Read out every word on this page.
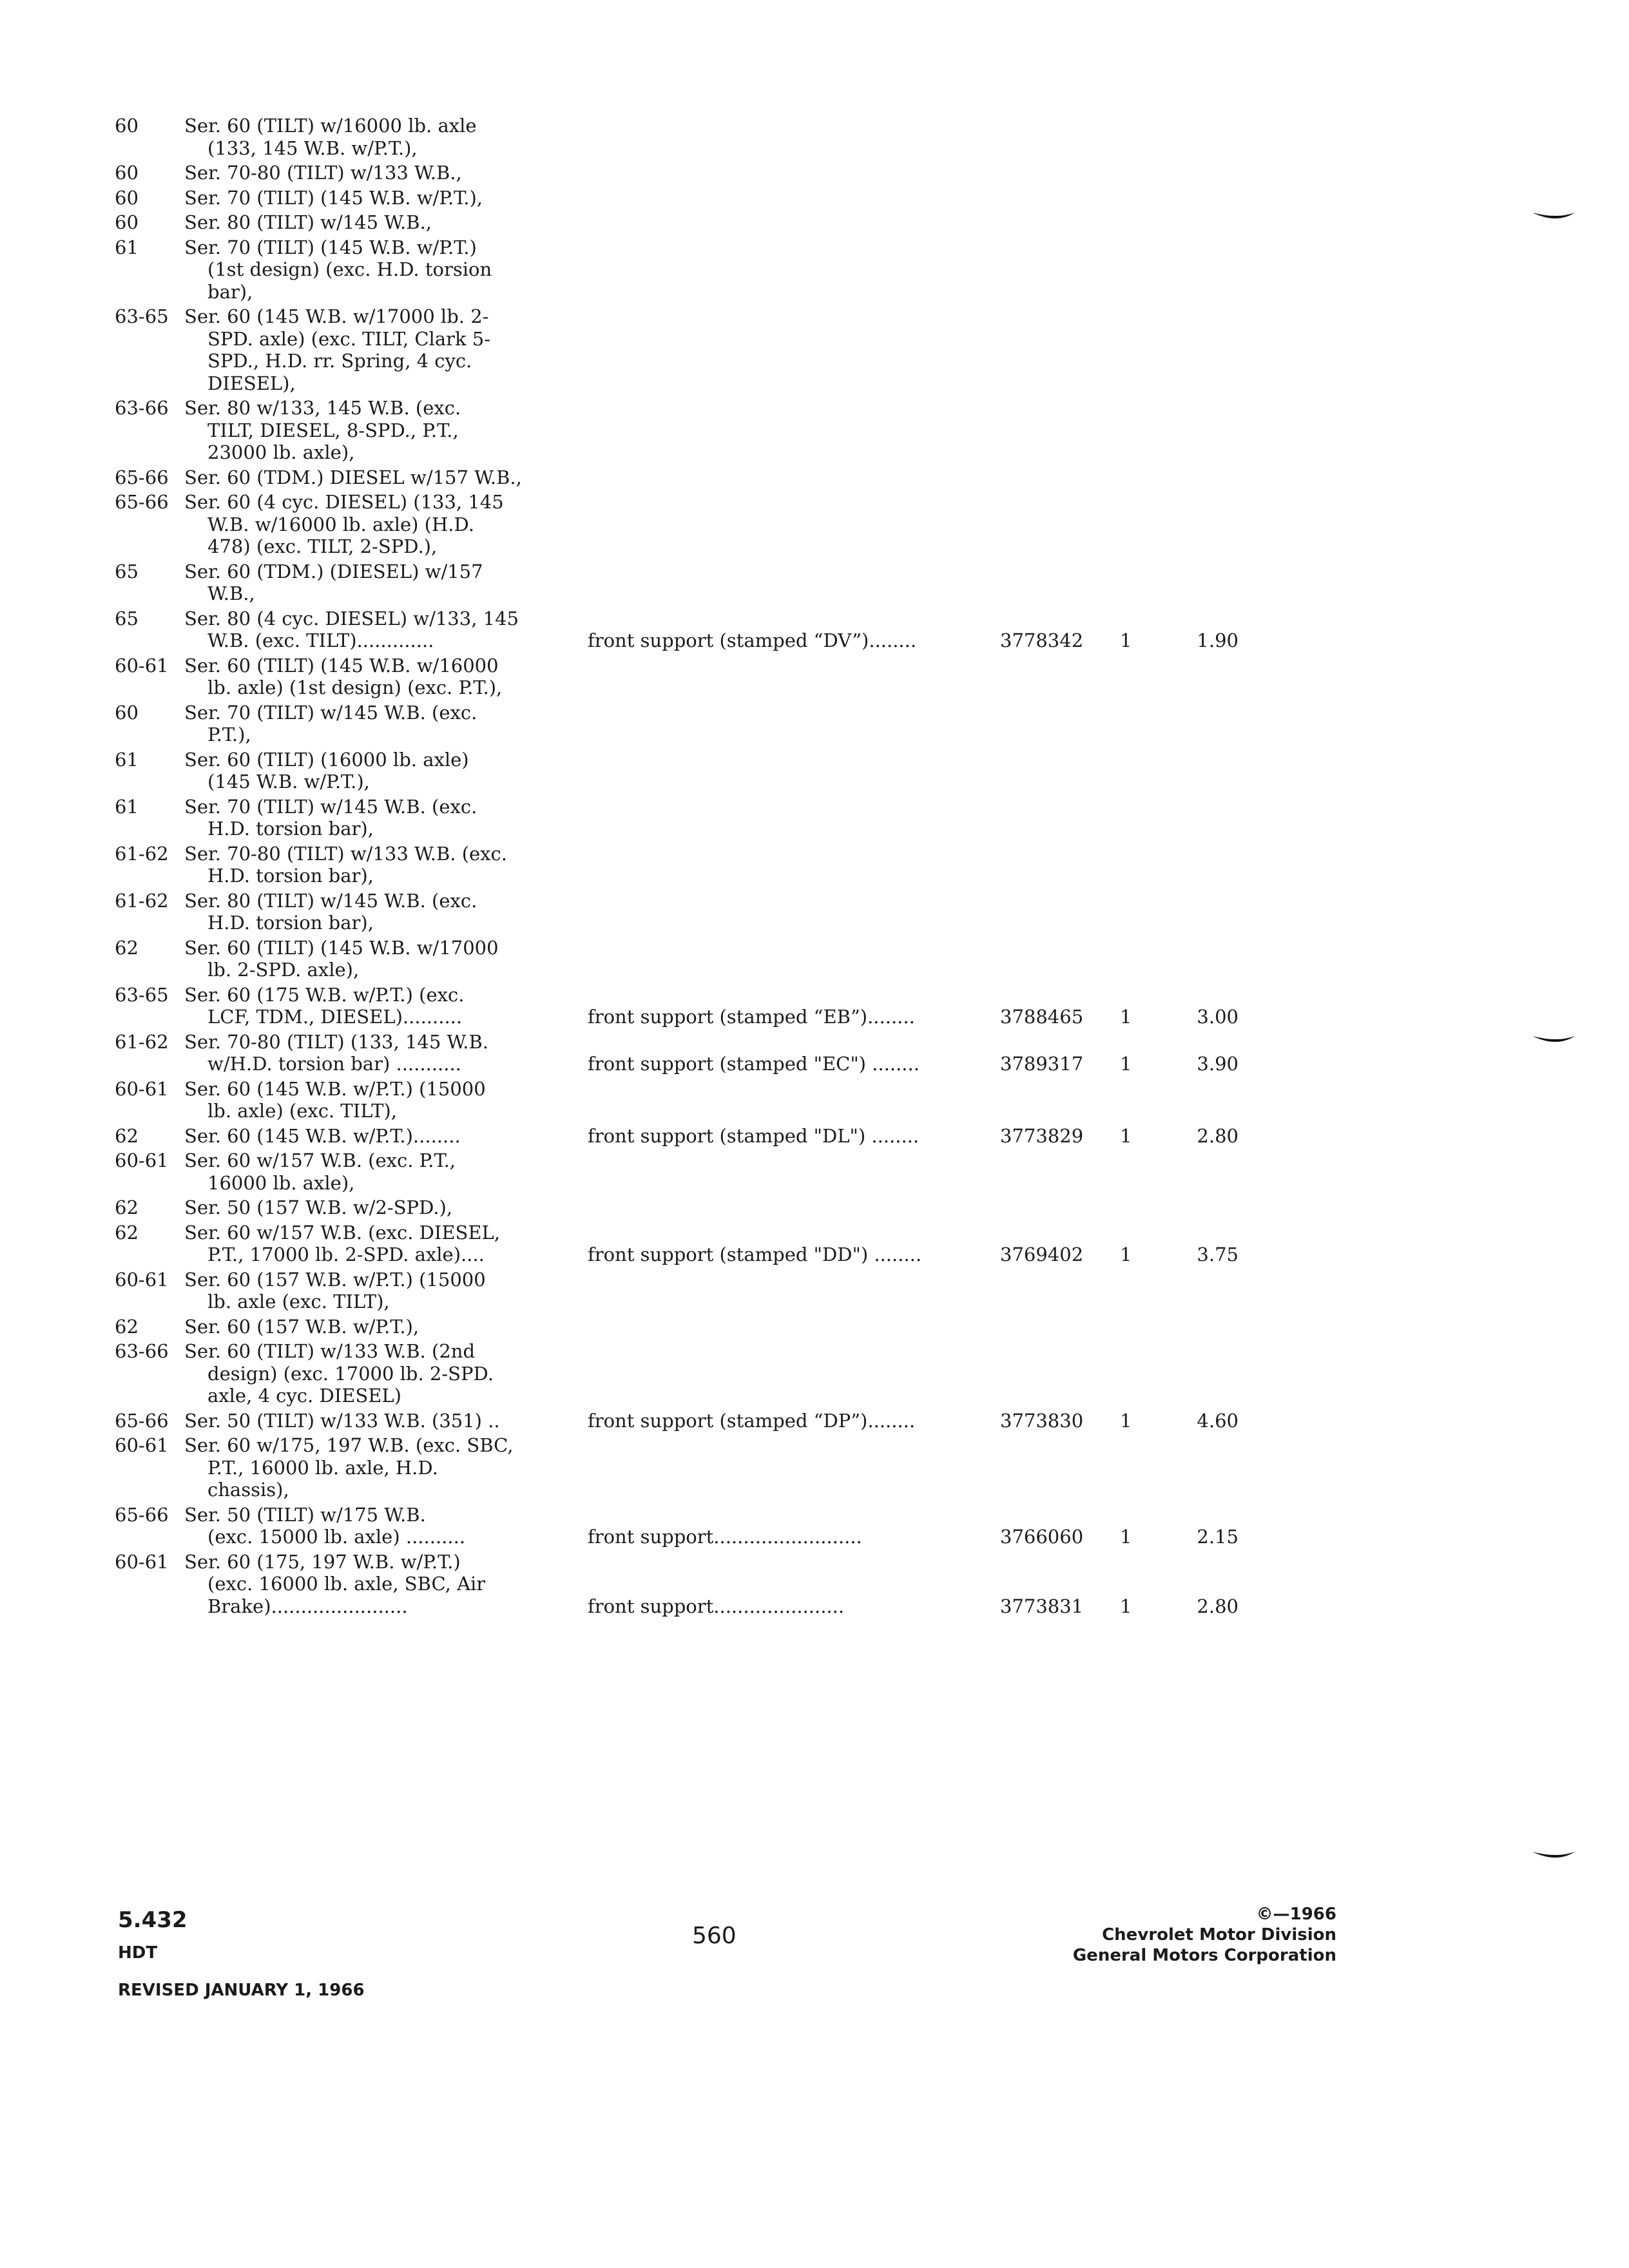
60 Ser. 60 (TILT) w/16000 lb. axle
(133, 145 W.B. w/P.T.),
60 Ser. 70-80 (TILT) w/133 W.B.,
60 Ser. 70 (TILT) (145 W.B. w/P.T.),
60 Ser. 80 (TILT) w/145 W.B.,
61 Ser. 70 (TILT) (145 W.B. w/P.T.)
(1st design) (exc. H.D. torsion
bar),
63-65 Ser. 60 (145 W.B. w/17000 lb. 2-
SPD. axle) (exc. TILT, Clark 5-
SPD., H.D. rr. Spring, 4 cyc.
DIESEL),
63-66 Ser. 80 w/133, 145 W.B. (exc.
TILT, DIESEL, 8-SPD., P.T.,
23000 lb. axle),
65-66 Ser. 60 (TDM.) DIESEL w/157 W.B.,
65-66 Ser. 60 (4 cyc. DIESEL) (133, 145
W.B. w/16000 lb. axle) (H.D.
478) (exc. TILT, 2-SPD.),
65 Ser. 60 (TDM.) (DIESEL) w/157
W.B.,
65 Ser. 80 (4 cyc. DIESEL) w/133, 145
W.B. (exc. TILT).............	front support (stamped “DV”)........	3778342 1	1.90
60-61 Ser. 60 (TILT) (145 W.B. w/16000
lb. axle) (1st design) (exc. P.T.),
60 Ser. 70 (TILT) w/145 W.B. (exc.
P.T.),
61 Ser. 60 (TILT) (16000 lb. axle)
(145 W.B. w/P.T.),
61 Ser. 70 (TILT) w/145 W.B. (exc.
H.D. torsion bar),
61-62 Ser. 70-80 (TILT) w/133 W.B. (exc.
H.D. torsion bar),
61-62 Ser. 80 (TILT) w/145 W.B. (exc.
H.D. torsion bar),
62 Ser. 60 (TILT) (145 W.B. w/17000
lb. 2-SPD. axle),
63-65 Ser. 60 (175 W.B. w/P.T.) (exc.
LCF, TDM., DIESEL)..........	front support (stamped “EB”)........	3788465 1	3.00
61-62 Ser. 70-80 (TILT) (133, 145 W.B.
w/H.D. torsion bar) ...........	front support (stamped "EC") ........	3789317 1	3.90
60-61 Ser. 60 (145 W.B. w/P.T.) (15000
lb. axle) (exc. TILT),
62 Ser. 60 (145 W.B. w/P.T.)........	front support (stamped "DL") ........	3773829 1	2.80
60-61 Ser. 60 w/157 W.B. (exc. P.T.,
16000 lb. axle),
62 Ser. 50 (157 W.B. w/2-SPD.),
62 Ser. 60 w/157 W.B. (exc. DIESEL,
P.T., 17000 lb. 2-SPD. axle)....	front support (stamped "DD") ........	3769402 1	3.75
60-61 Ser. 60 (157 W.B. w/P.T.) (15000
lb. axle (exc. TILT),
62 Ser. 60 (157 W.B. w/P.T.),
63-66 Ser. 60 (TILT) w/133 W.B. (2nd
design) (exc. 17000 lb. 2-SPD.
axle, 4 cyc. DIESEL)
65-66 Ser. 50 (TILT) w/133 W.B. (351) ..	front support (stamped “DP”)........	3773830 1	4.60
60-61 Ser. 60 w/175, 197 W.B. (exc. SBC,
P.T., 16000 lb. axle, H.D.
chassis),
65-66 Ser. 50 (TILT) w/175 W.B.
(exc. 15000 lb. axle) ..........	front support.........................	3766060 1	2.15
60-61 Ser. 60 (175, 197 W.B. w/P.T.)
(exc. 16000 lb. axle, SBC, Air
Brake).......................	front support......................	3773831 1	2.80
5.432
HDT
REVISED JANUARY 1, 1966
560
©—1966
Chevrolet Motor Division
General Motors Corporation
